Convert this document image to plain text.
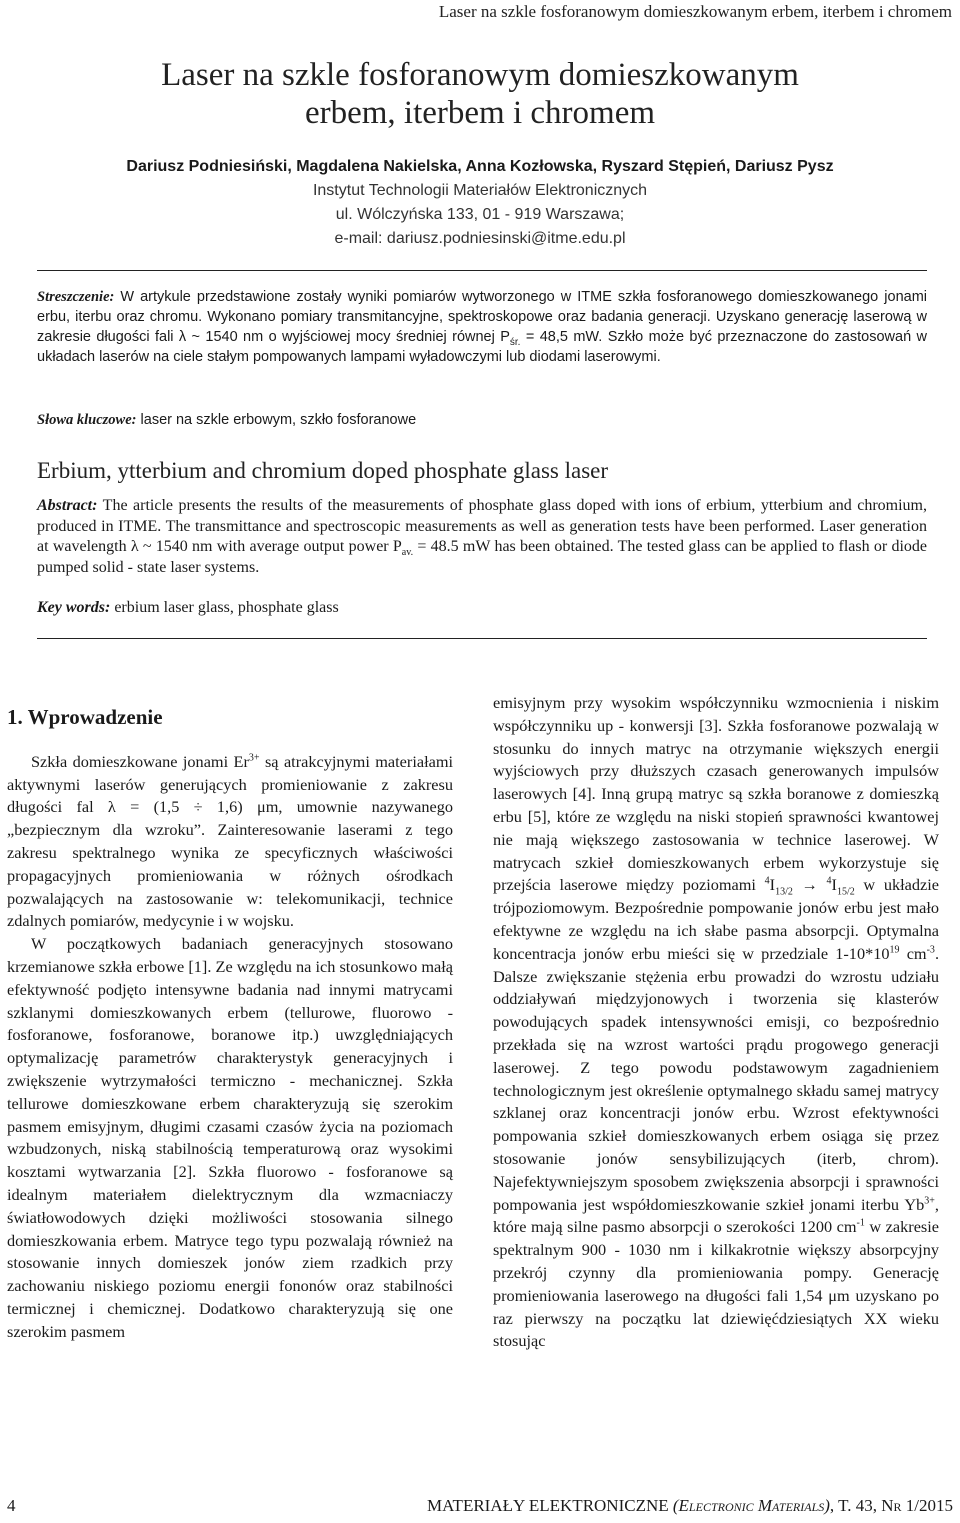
Laser na szkle fosforanowym domieszkowanym erbem, iterbem i chromem
Laser na szkle fosforanowym domieszkowanym
erbem, iterbem i chromem
Dariusz Podniesiński, Magdalena Nakielska, Anna Kozłowska, Ryszard Stępień, Dariusz Pysz
Instytut Technologii Materiałów Elektronicznych
ul. Wólczyńska 133, 01 - 919 Warszawa;
e-mail: dariusz.podniesinski@itme.edu.pl
Streszczenie: W artykule przedstawione zostały wyniki pomiarów wytworzonego w ITME szkła fosforanowego domieszkowanego jonami erbu, iterbu oraz chromu. Wykonano pomiary transmitancyjne, spektroskopowe oraz badania generacji. Uzyskano generację laserową w zakresie długości fali λ ~ 1540 nm o wyjściowej mocy średniej równej $P_{śr.} = 48,5$ mW. Szkło może być przeznaczone do zastosowań w układach laserów na ciele stałym pompowanych lampami wyładowczymi lub diodami laserowymi.
Słowa kluczowe: laser na szkle erbowym, szkło fosforanowe
Erbium, ytterbium and chromium doped phosphate glass laser
Abstract: The article presents the results of the measurements of phosphate glass doped with ions of erbium, ytterbium and chromium, produced in ITME. The transmittance and spectroscopic measurements as well as generation tests have been performed. Laser generation at wavelength λ ~ 1540 nm with average output power $P_{av.} = 48.5$ mW has been obtained. The tested glass can be applied to flash or diode pumped solid - state laser systems.
Key words: erbium laser glass, phosphate glass
1. Wprowadzenie

Szkła domieszkowane jonami $Er^{3+}$ są atrakcyjnymi materiałami aktywnymi laserów generujących promieniowanie z zakresu długości fal λ = (1,5 ÷ 1,6) μm, umownie nazywanego „bezpiecznym dla wzroku”. Zainteresowanie laserami z tego zakresu spektralnego wynika ze specyficznych właściwości propagacyjnych promieniowania w różnych ośrodkach pozwalających na zastosowanie w: telekomunikacji, technice zdalnych pomiarów, medycynie i w wojsku.

W początkowych badaniach generacyjnych stosowano krzemianowe szkła erbowe [1]. Ze względu na ich stosunkowo małą efektywność podjęto intensywne badania nad innymi matrycami szklanymi domieszkowanych erbem (tellurowe, fluorowo - fosforanowe, fosforanowe, boranowe itp.) uwzględniających optymalizację parametrów charakterystyk generacyjnych i zwiększenie wytrzymałości termiczno - mechanicznej. Szkła tellurowe domieszkowane erbem charakteryzują się szerokim pasmem emisyjnym, długimi czasami czasów życia na poziomach wzbudzonych, niską stabilnością temperaturową oraz wysokimi kosztami wytwarzania [2]. Szkła fluorowo - fosforanowe są idealnym materiałem dielektrycznym dla wzmacniaczy światłowodowych dzięki możliwości stosowania silnego domieszkowania erbem. Matryce tego typu pozwalają również na stosowanie innych domieszek jonów ziem rzadkich przy zachowaniu niskiego poziomu energii fononów oraz stabilności termicznej i chemicznej. Dodatkowo charakteryzują się one szerokim pasmem

emisyjnym przy wysokim współczynniku wzmocnienia i niskim współczynniku up - konwersji [3]. Szkła fosforanowe pozwalają w stosunku do innych matryc na otrzymanie większych energii wyjściowych przy dłuższych czasach generowanych impulsów laserowych [4]. Inną grupą matryc są szkła boranowe z domieszką erbu [5], które ze względu na niski stopień sprawności kwantowej nie mają większego zastosowania w technice laserowej. W matrycach szkieł domieszkowanych erbem wykorzystuje się przejścia laserowe między poziomami $^4I_{13/2} \to ^4I_{15/2}$ w układzie trójpoziomowym. Bezpośrednie pompowanie jonów erbu jest mało efektywne ze względu na ich słabe pasma absorpcji. Optymalna koncentracja jonów erbu mieści się w przedziale $1-10*10^{19}$ $cm^{-3}$. Dalsze zwiększanie stężenia erbu prowadzi do wzrostu udziału oddziaływań międzyjonowych i tworzenia się klasterów powodujących spadek intensywności emisji, co bezpośrednio przekłada się na wzrost wartości prądu progowego generacji laserowej. Z tego powodu podstawowym zagadnieniem technologicznym jest określenie optymalnego składu samej matrycy szklanej oraz koncentracji jonów erbu. Wzrost efektywności pompowania szkieł domieszkowanych erbem osiąga się przez stosowanie jonów sensybilizujących (iterb, chrom). Najefektywniejszym sposobem zwiększenia absorpcji i sprawności pompowania jest współdomieszkowanie szkieł jonami iterbu $Yb^{3+}$, które mają silne pasmo absorpcji o szerokości 1200 $cm^{-1}$ w zakresie spektralnym 900 - 1030 nm i kilkakrotnie większy absorpcyjny przekrój czynny dla promieniowania pompy. Generację promieniowania laserowego na długości fali 1,54 μm uzyskano po raz pierwszy na początku lat dziewięćdziesiątych XX wieku stosując

4	MATERIAŁY ELEKTRONICZNE (Electronic Materials), T. 43, Nr 1/2015
